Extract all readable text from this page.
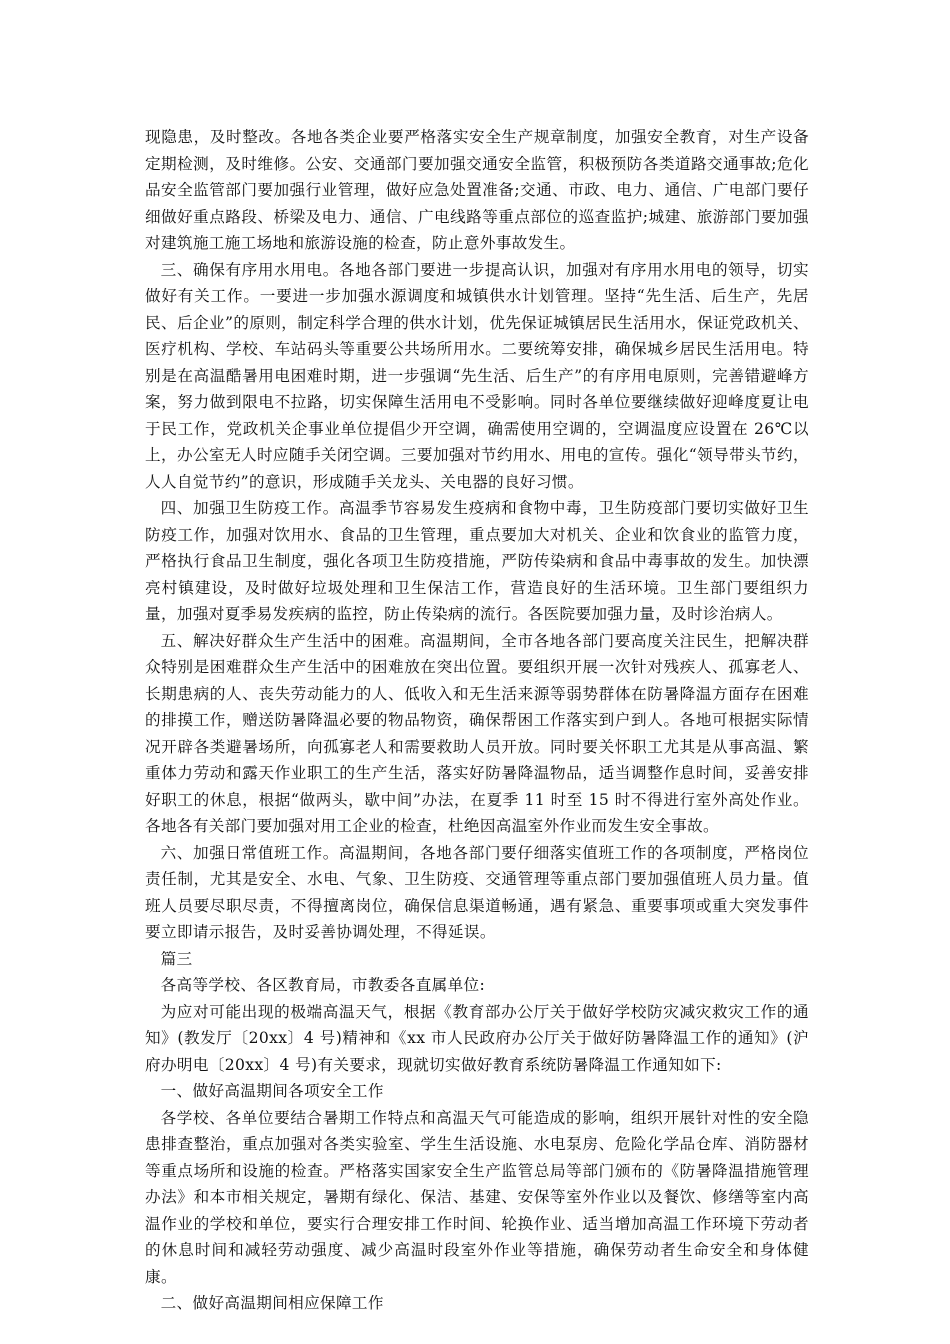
现隐患，及时整改。各地各类企业要严格落实安全生产规章制度，加强安全教育，对生产设备定期检测，及时维修。公安、交通部门要加强交通安全监管，积极预防各类道路交通事故;危化品安全监管部门要加强行业管理，做好应急处置准备;交通、市政、电力、通信、广电部门要仔细做好重点路段、桥梁及电力、通信、广电线路等重点部位的巡查监护;城建、旅游部门要加强对建筑施工施工场地和旅游设施的检查，防止意外事故发生。

三、确保有序用水用电。各地各部门要进一步提高认识，加强对有序用水用电的领导，切实做好有关工作。一要进一步加强水源调度和城镇供水计划管理。坚持“先生活、后生产，先居民、后企业”的原则，制定科学合理的供水计划，优先保证城镇居民生活用水，保证党政机关、医疗机构、学校、车站码头等重要公共场所用水。二要统筹安排，确保城乡居民生活用电。特别是在高温酷暑用电困难时期，进一步强调“先生活、后生产”的有序用电原则，完善错避峰方案，努力做到限电不拉路，切实保障生活用电不受影响。同时各单位要继续做好迎峰度夏让电于民工作，党政机关企事业单位提倡少开空调，确需使用空调的，空调温度应设置在 26℃以上，办公室无人时应随手关闭空调。三要加强对节约用水、用电的宣传。强化“领导带头节约，人人自觉节约”的意识，形成随手关龙头、关电器的良好习惯。

四、加强卫生防疫工作。高温季节容易发生疫病和食物中毒，卫生防疫部门要切实做好卫生防疫工作，加强对饮用水、食品的卫生管理，重点要加大对机关、企业和饮食业的监管力度，严格执行食品卫生制度，强化各项卫生防疫措施，严防传染病和食品中毒事故的发生。加快漂亮村镇建设，及时做好垃圾处理和卫生保洁工作，营造良好的生活环境。卫生部门要组织力量，加强对夏季易发疾病的监控，防止传染病的流行。各医院要加强力量，及时诊治病人。

五、解决好群众生产生活中的困难。高温期间，全市各地各部门要高度关注民生，把解决群众特别是困难群众生产生活中的困难放在突出位置。要组织开展一次针对残疾人、孤寡老人、长期患病的人、丧失劳动能力的人、低收入和无生活来源等弱势群体在防暑降温方面存在困难的排摸工作，赠送防暑降温必要的物品物资，确保帮困工作落实到户到人。各地可根据实际情况开辟各类避暑场所，向孤寡老人和需要救助人员开放。同时要关怀职工尤其是从事高温、繁重体力劳动和露天作业职工的生产生活，落实好防暑降温物品，适当调整作息时间，妥善安排好职工的休息，根据“做两头，歇中间”办法，在夏季 11 时至 15 时不得进行室外高处作业。各地各有关部门要加强对用工企业的检查，杜绝因高温室外作业而发生安全事故。

六、加强日常值班工作。高温期间，各地各部门要仔细落实值班工作的各项制度，严格岗位责任制，尤其是安全、水电、气象、卫生防疫、交通管理等重点部门要加强值班人员力量。值班人员要尽职尽责，不得擅离岗位，确保信息渠道畅通，遇有紧急、重要事项或重大突发事件要立即请示报告，及时妥善协调处理，不得延误。

篇三

各高等学校、各区教育局，市教委各直属单位:

为应对可能出现的极端高温天气，根据《教育部办公厅关于做好学校防灾减灾救灾工作的通知》(教发厅〔20xx〕4 号)精神和《xx 市人民政府办公厅关于做好防暑降温工作的通知》(沪府办明电〔20xx〕4 号)有关要求，现就切实做好教育系统防暑降温工作通知如下:

一、做好高温期间各项安全工作

各学校、各单位要结合暑期工作特点和高温天气可能造成的影响，组织开展针对性的安全隐患排查整治，重点加强对各类实验室、学生生活设施、水电泵房、危险化学品仓库、消防器材等重点场所和设施的检查。严格落实国家安全生产监管总局等部门颁布的《防暑降温措施管理办法》和本市相关规定，暑期有绿化、保洁、基建、安保等室外作业以及餐饮、修缮等室内高温作业的学校和单位，要实行合理安排工作时间、轮换作业、适当增加高温工作环境下劳动者的休息时间和减轻劳动强度、减少高温时段室外作业等措施，确保劳动者生命安全和身体健康。

二、做好高温期间相应保障工作
